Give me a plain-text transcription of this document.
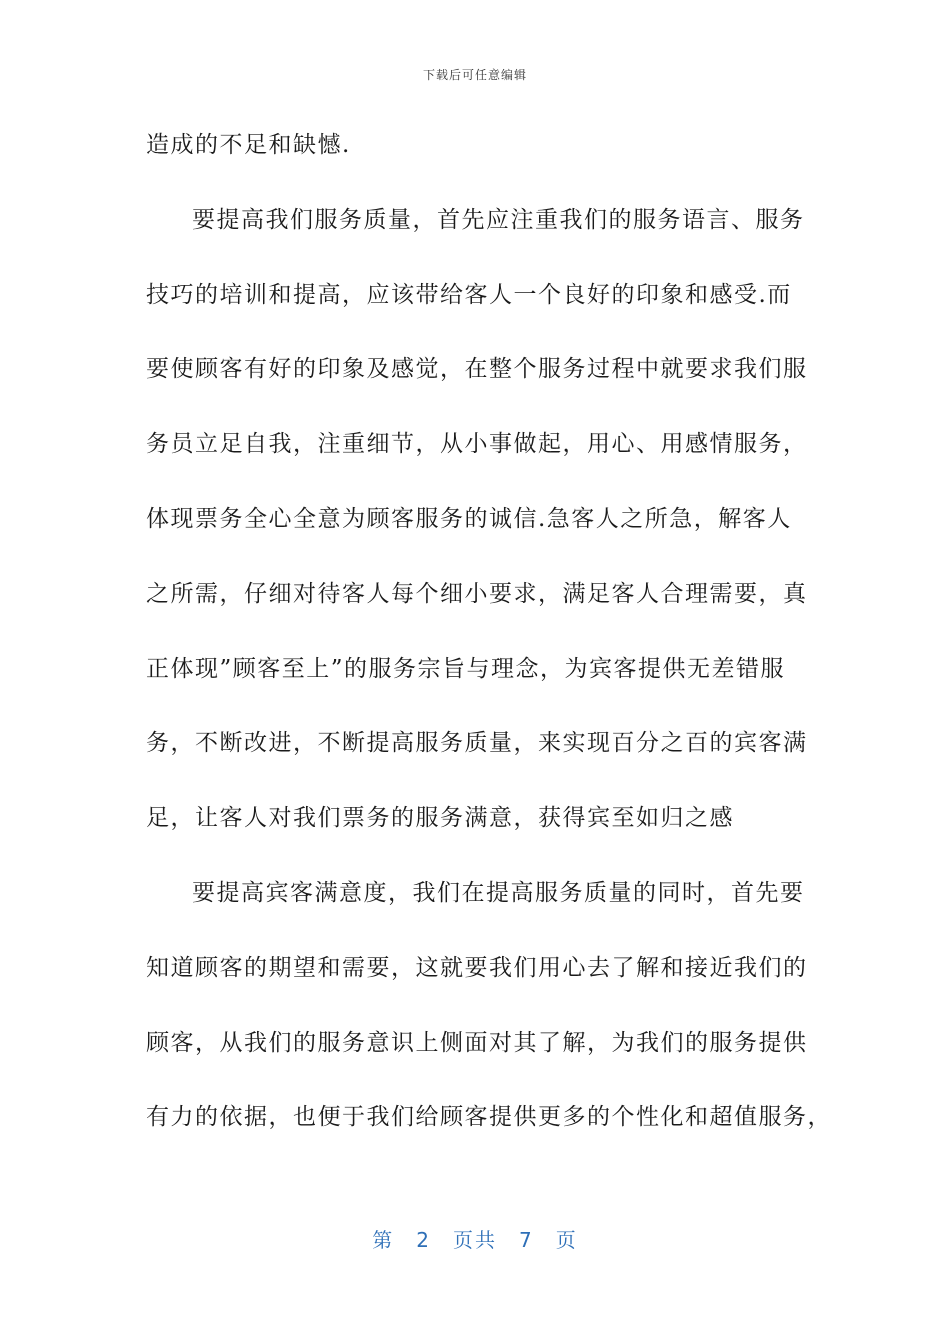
下载后可任意编辑
造成的不足和缺憾.
要提高我们服务质量，首先应注重我们的服务语言、服务
技巧的培训和提高，应该带给客人一个良好的印象和感受.而
要使顾客有好的印象及感觉，在整个服务过程中就要求我们服
务员立足自我，注重细节，从小事做起，用心、用感情服务，
体现票务全心全意为顾客服务的诚信.急客人之所急，解客人
之所需，仔细对待客人每个细小要求，满足客人合理需要，真
正体现”顾客至上”的服务宗旨与理念，为宾客提供无差错服
务，不断改进，不断提高服务质量，来实现百分之百的宾客满
足，让客人对我们票务的服务满意，获得宾至如归之感
要提高宾客满意度，我们在提高服务质量的同时，首先要
知道顾客的期望和需要，这就要我们用心去了解和接近我们的
顾客，从我们的服务意识上侧面对其了解，为我们的服务提供
有力的依据，也便于我们给顾客提供更多的个性化和超值服务，
第 2 页共 7 页
